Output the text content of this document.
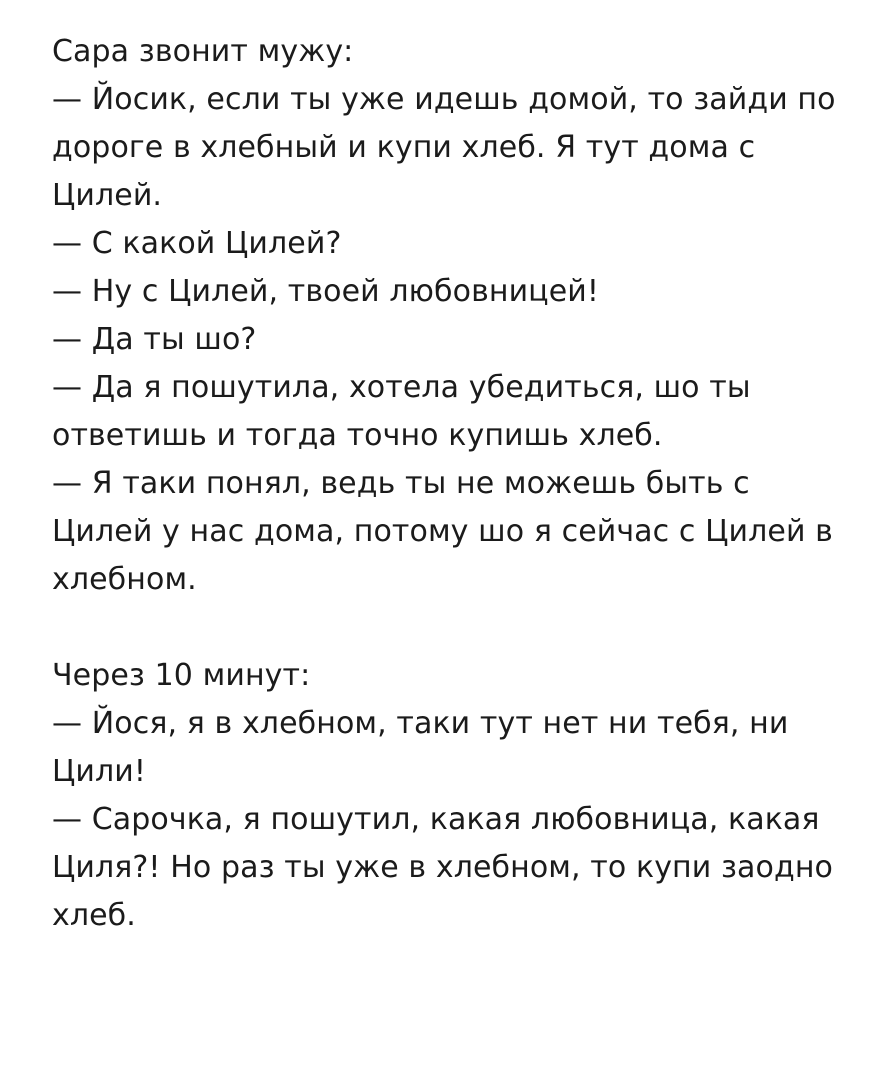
Сара звонит мужу:

— Йосик, если ты уже идешь домой, то зайди по дороге в хлебный и купи хлеб. Я тут дома с Цилей.

— С какой Цилей?

— Ну с Цилей, твоей любовницей!

— Да ты шо?

— Да я пошутила, хотела убедиться, шо ты ответишь и тогда точно купишь хлеб.

— Я таки понял, ведь ты не можешь быть с Цилей у нас дома, потому шо я сейчас с Цилей в хлебном.

Через 10 минут:

— Йося, я в хлебном, таки тут нет ни тебя, ни Цили!

— Сарочка, я пошутил, какая любовница, какая  Циля?! Но раз ты уже в хлебном, то купи заодно хлеб.
